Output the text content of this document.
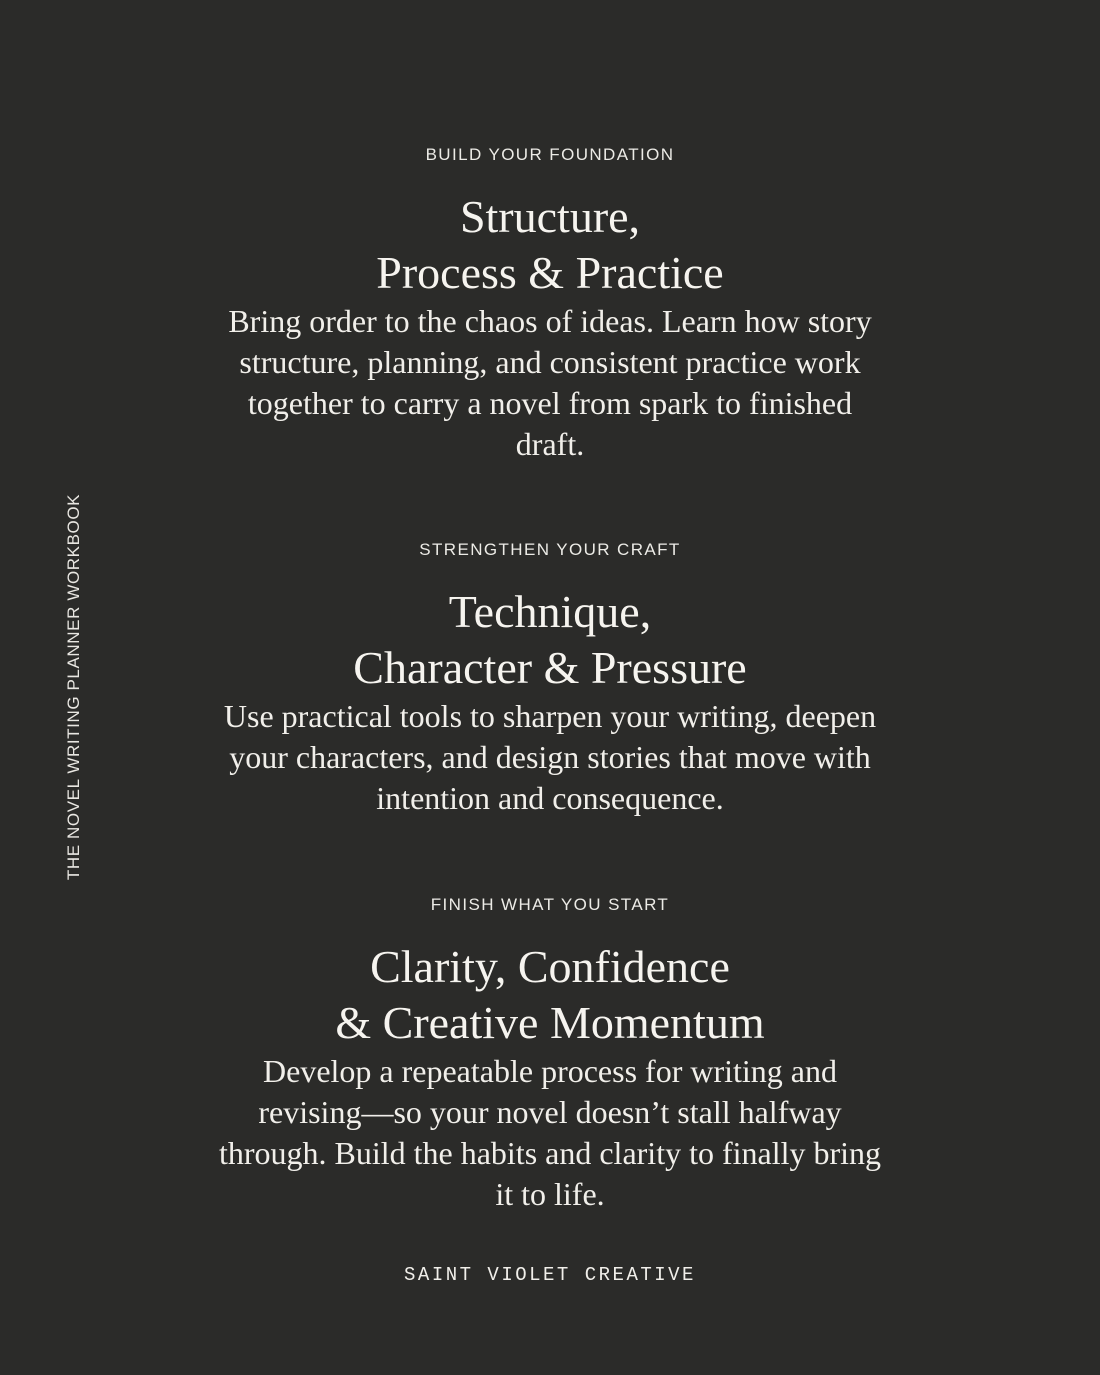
THE NOVEL WRITING PLANNER WORKBOOK
BUILD YOUR FOUNDATION
Structure,
Process & Practice

Bring order to the chaos of ideas. Learn how story structure, planning, and consistent practice work together to carry a novel from spark to finished draft.

STRENGTHEN YOUR CRAFT
Technique,
Character & Pressure

Use practical tools to sharpen your writing, deepen your characters, and design stories that move with intention and consequence.

FINISH WHAT YOU START
Clarity, Confidence
& Creative Momentum

Develop a repeatable process for writing and revising—so your novel doesn’t stall halfway through. Build the habits and clarity to finally bring it to life.

SAINT VIOLET CREATIVE
